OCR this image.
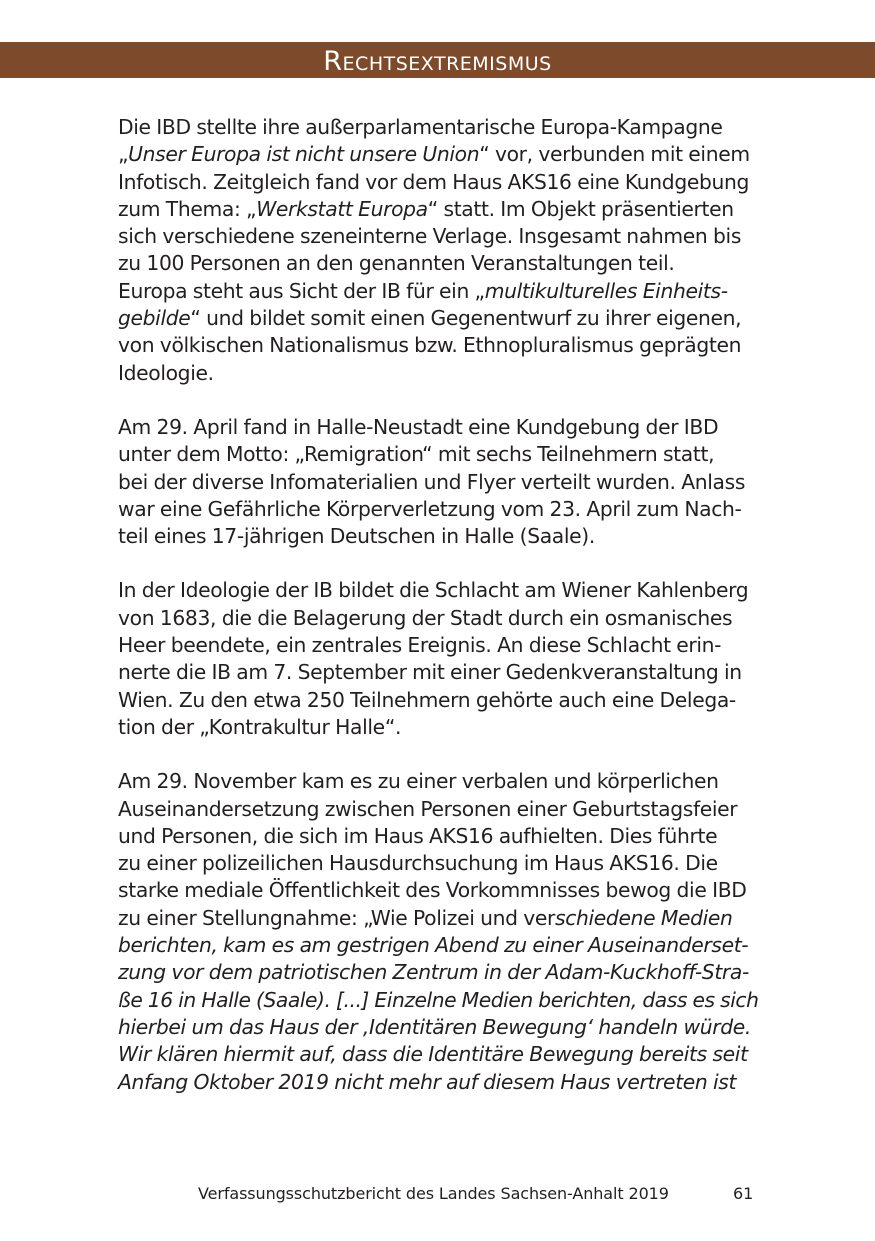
Rechtsextremismus

Die IBD stellte ihre außerparlamentarische Europa-Kampagne
„Unser Europa ist nicht unsere Union“ vor, verbunden mit einem
Infotisch. Zeitgleich fand vor dem Haus AKS16 eine Kundgebung
zum Thema: „Werkstatt Europa“ statt. Im Objekt präsentierten
sich verschiedene szeneinterne Verlage. Insgesamt nahmen bis
zu 100 Personen an den genannten Veranstaltungen teil.
Europa steht aus Sicht der IB für ein „multikulturelles Einheits-
gebilde“ und bildet somit einen Gegenentwurf zu ihrer eigenen,
von völkischen Nationalismus bzw. Ethnopluralismus geprägten
Ideologie.

Am 29. April fand in Halle-Neustadt eine Kundgebung der IBD
unter dem Motto: „Remigration“ mit sechs Teilnehmern statt,
bei der diverse Infomaterialien und Flyer verteilt wurden. Anlass
war eine Gefährliche Körperverletzung vom 23. April zum Nach-
teil eines 17-jährigen Deutschen in Halle (Saale).

In der Ideologie der IB bildet die Schlacht am Wiener Kahlenberg
von 1683, die die Belagerung der Stadt durch ein osmanisches
Heer beendete, ein zentrales Ereignis. An diese Schlacht erin-
nerte die IB am 7. September mit einer Gedenkveranstaltung in
Wien. Zu den etwa 250 Teilnehmern gehörte auch eine Delega-
tion der „Kontrakultur Halle“.

Am 29. November kam es zu einer verbalen und körperlichen
Auseinandersetzung zwischen Personen einer Geburtstagsfeier
und Personen, die sich im Haus AKS16 aufhielten. Dies führte
zu einer polizeilichen Hausdurchsuchung im Haus AKS16. Die
starke mediale Öffentlichkeit des Vorkommnisses bewog die IBD
zu einer Stellungnahme: „Wie Polizei und verschiedene Medien
berichten, kam es am gestrigen Abend zu einer Auseinanderset-
zung vor dem patriotischen Zentrum in der Adam-Kuckhoff-Stra-
ße 16 in Halle (Saale). [...] Einzelne Medien berichten, dass es sich
hierbei um das Haus der ‚Identitären Bewegung‘ handeln würde.
Wir klären hiermit auf, dass die Identitäre Bewegung bereits seit
Anfang Oktober 2019 nicht mehr auf diesem Haus vertreten ist

Verfassungsschutzbericht des Landes Sachsen-Anhalt 2019	61
